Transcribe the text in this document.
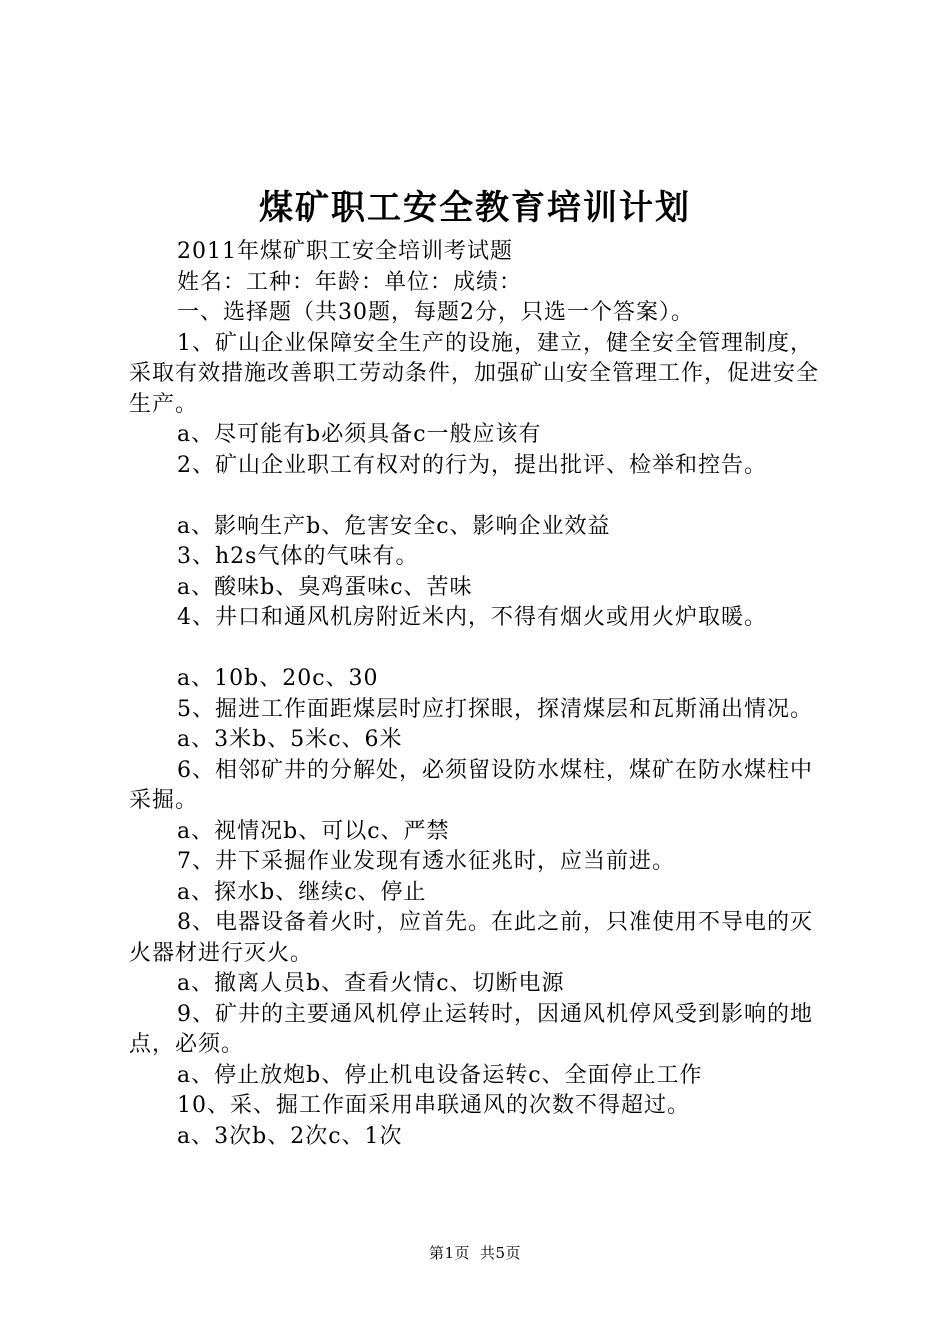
煤矿职工安全教育培训计划

2011年煤矿职工安全培训考试题

姓名：工种：年龄：单位：成绩：

一、选择题（共30题，每题2分，只选一个答案）。

1、矿山企业保障安全生产的设施，建立，健全安全管理制度，采取有效措施改善职工劳动条件，加强矿山安全管理工作，促进安全生产。

a、尽可能有b必须具备c一般应该有

2、矿山企业职工有权对的行为，提出批评、检举和控告。

a、影响生产b、危害安全c、影响企业效益

3、h2s气体的气味有。

a、酸味b、臭鸡蛋味c、苦味

4、井口和通风机房附近米内，不得有烟火或用火炉取暖。

a、10b、20c、30

5、掘进工作面距煤层时应打探眼，探清煤层和瓦斯涌出情况。

a、3米b、5米c、6米

6、相邻矿井的分解处，必须留设防水煤柱，煤矿在防水煤柱中采掘。

a、视情况b、可以c、严禁

7、井下采掘作业发现有透水征兆时，应当前进。

a、探水b、继续c、停止

8、电器设备着火时，应首先。在此之前，只准使用不导电的灭火器材进行灭火。

a、撤离人员b、查看火情c、切断电源

9、矿井的主要通风机停止运转时，因通风机停风受到影响的地点，必须。

a、停止放炮b、停止机电设备运转c、全面停止工作

10、采、掘工作面采用串联通风的次数不得超过。

a、3次b、2次c、1次

第1页 共5页
